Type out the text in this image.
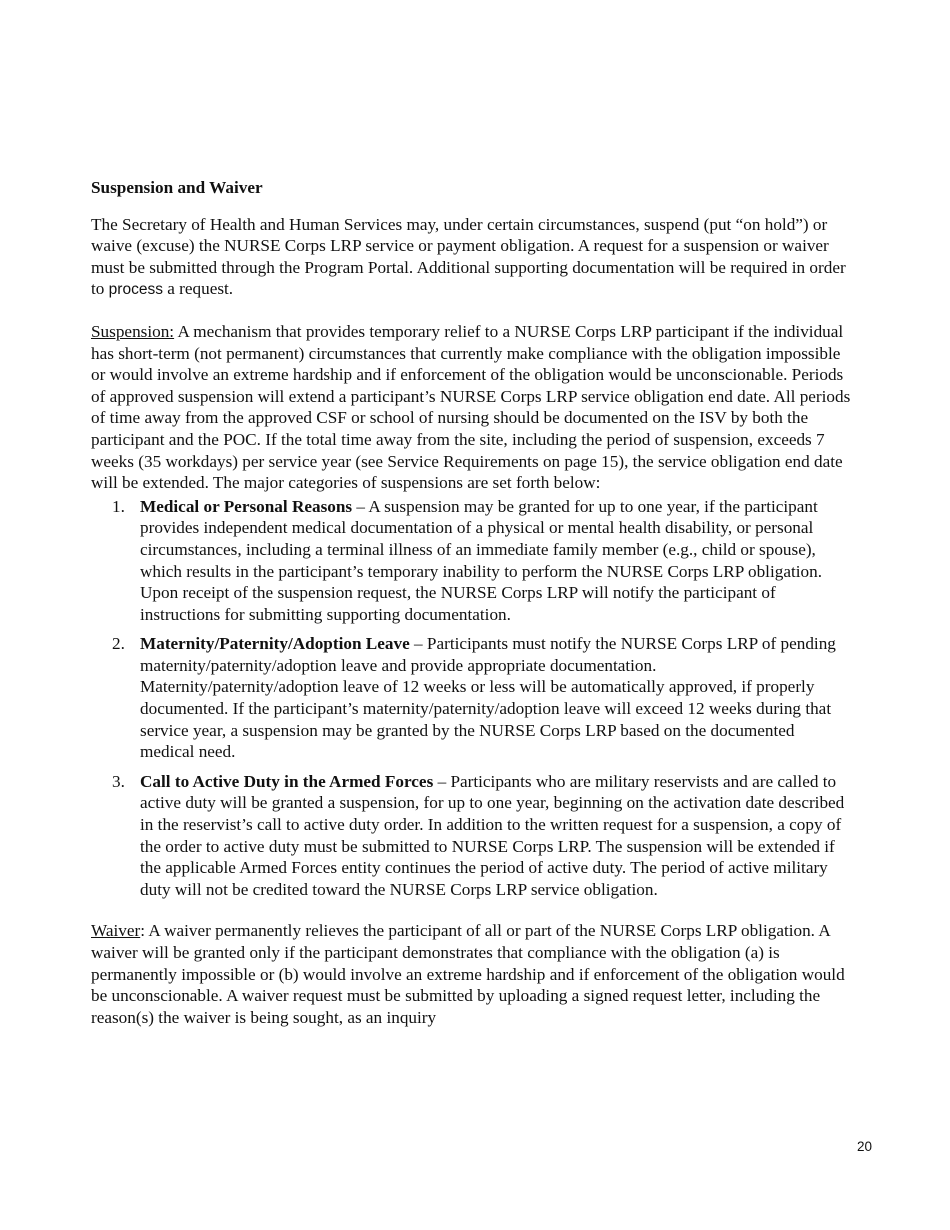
Suspension and Waiver

The Secretary of Health and Human Services may, under certain circumstances, suspend (put “on hold”) or waive (excuse) the NURSE Corps LRP service or payment obligation. A request for a suspension or waiver must be submitted through the Program Portal. Additional supporting documentation will be required in order to process a request.

Suspension: A mechanism that provides temporary relief to a NURSE Corps LRP participant if the individual has short-term (not permanent) circumstances that currently make compliance with the obligation impossible or would involve an extreme hardship and if enforcement of the obligation would be unconscionable. Periods of approved suspension will extend a participant’s NURSE Corps LRP service obligation end date. All periods of time away from the approved CSF or school of nursing should be documented on the ISV by both the participant and the POC. If the total time away from the site, including the period of suspension, exceeds 7 weeks (35 workdays) per service year (see Service Requirements on page 15), the service obligation end date will be extended. The major categories of suspensions are set forth below:

1. Medical or Personal Reasons – A suspension may be granted for up to one year, if the participant provides independent medical documentation of a physical or mental health disability, or personal circumstances, including a terminal illness of an immediate family member (e.g., child or spouse), which results in the participant’s temporary inability to perform the NURSE Corps LRP obligation. Upon receipt of the suspension request, the NURSE Corps LRP will notify the participant of instructions for submitting supporting documentation.
2. Maternity/Paternity/Adoption Leave – Participants must notify the NURSE Corps LRP of pending maternity/paternity/adoption leave and provide appropriate documentation. Maternity/paternity/adoption leave of 12 weeks or less will be automatically approved, if properly documented. If the participant’s maternity/paternity/adoption leave will exceed 12 weeks during that service year, a suspension may be granted by the NURSE Corps LRP based on the documented medical need.
3. Call to Active Duty in the Armed Forces – Participants who are military reservists and are called to active duty will be granted a suspension, for up to one year, beginning on the activation date described in the reservist’s call to active duty order. In addition to the written request for a suspension, a copy of the order to active duty must be submitted to NURSE Corps LRP. The suspension will be extended if the applicable Armed Forces entity continues the period of active duty. The period of active military duty will not be credited toward the NURSE Corps LRP service obligation.

Waiver: A waiver permanently relieves the participant of all or part of the NURSE Corps LRP obligation. A waiver will be granted only if the participant demonstrates that compliance with the obligation (a) is permanently impossible or (b) would involve an extreme hardship and if enforcement of the obligation would be unconscionable. A waiver request must be submitted by uploading a signed request letter, including the reason(s) the waiver is being sought, as an inquiry

20
